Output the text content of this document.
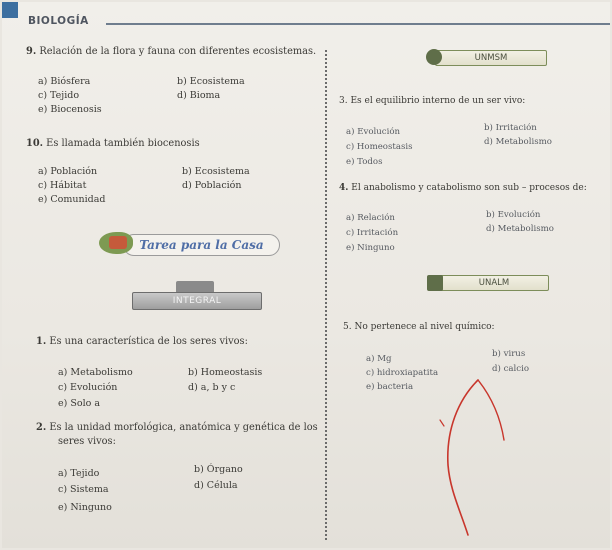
BIOLOGÍA
9. Relación de la flora y fauna con diferentes ecosistemas.
a) Biósfera	b) Ecosistema
c) Tejido	d) Bioma
e) Biocenosis
10. Es llamada también biocenosis
a) Población	b) Ecosistema
c) Hábitat	d) Población
e) Comunidad
Tarea para la Casa
INTEGRAL
1. Es una característica de los seres vivos:
a) Metabolismo	b) Homeostasis
c) Evolución	d) a, b y c
e) Solo a
2. Es la unidad morfológica, anatómica y genética de los
seres vivos:
a) Tejido	b) Órgano
c) Sistema	d) Célula
e) Ninguno
UNMSM
3. Es el equilibrio interno de un ser vivo:
a) Evolución	b) Irritación
c) Homeostasis	d) Metabolismo
e) Todos
4. El anabolismo y catabolismo son sub – procesos de:
a) Relación	b) Evolución
c) Irritación	d) Metabolismo
e) Ninguno
UNALM
5. No pertenece al nivel químico:
a) Mg	b) virus
c) hidroxiapatita	d) calcio
e) bacteria
